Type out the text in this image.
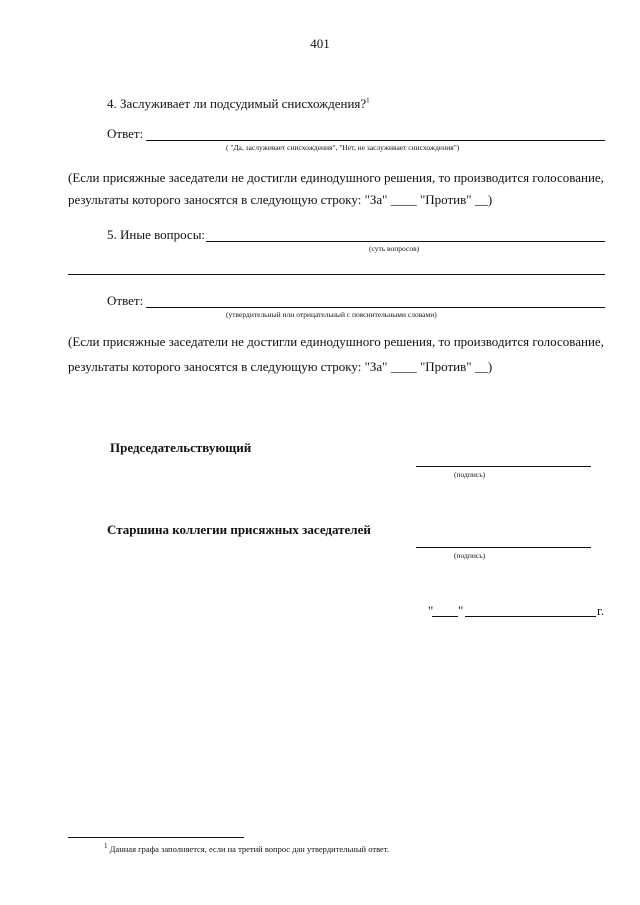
401
4. Заслуживает ли подсудимый снисхождения?$^1$
Ответ:
( "Да, заслуживает снисхождения", "Нет, не заслуживает снисхождения")
(Если присяжные заседатели не достигли единодушного решения, то производится голосование,
результаты которого заносятся в следующую строку: "За" ____ "Против" __)
5. Иные вопросы:
(суть вопросов)
Ответ:
(утвердительный или отрицательный с пояснительными словами)
(Если присяжные заседатели не достигли единодушного решения, то производится голосование,
результаты которого заносятся в следующую строку: "За" ____ "Против" __)
Председательствующий
(подпись)
Старшина коллегии присяжных заседателей
(подпись)
" "	г.
$^1$ Данная графа заполняется, если на третий вопрос дан утвердительный ответ.
